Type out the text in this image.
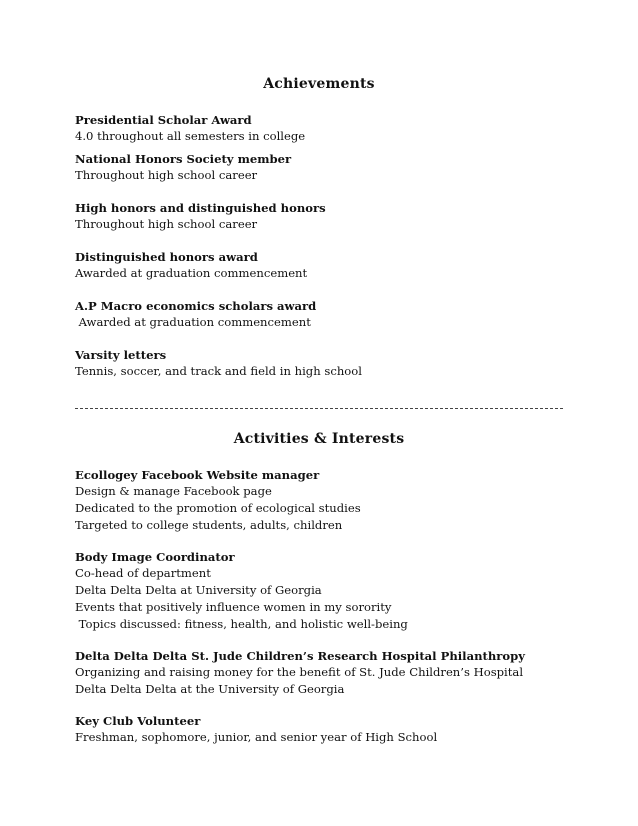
Achievements
Presidential Scholar Award
4.0 throughout all semesters in college
National Honors Society member
Throughout high school career
High honors and distinguished honors
Throughout high school career
Distinguished honors award
Awarded at graduation commencement
A.P Macro economics scholars award
Awarded at graduation commencement
Varsity letters
Tennis, soccer, and track and field in high school
Activities & Interests
Ecollogey Facebook Website manager
Design & manage Facebook page
Dedicated to the promotion of ecological studies
Targeted to college students, adults, children
Body Image Coordinator
Co-head of department
Delta Delta Delta at University of Georgia
Events that positively influence women in my sorority
Topics discussed: fitness, health, and holistic well-being
Delta Delta Delta St. Jude Children’s Research Hospital Philanthropy
Organizing and raising money for the benefit of St. Jude Children’s Hospital
Delta Delta Delta at the University of Georgia
Key Club Volunteer
Freshman, sophomore, junior, and senior year of High School
